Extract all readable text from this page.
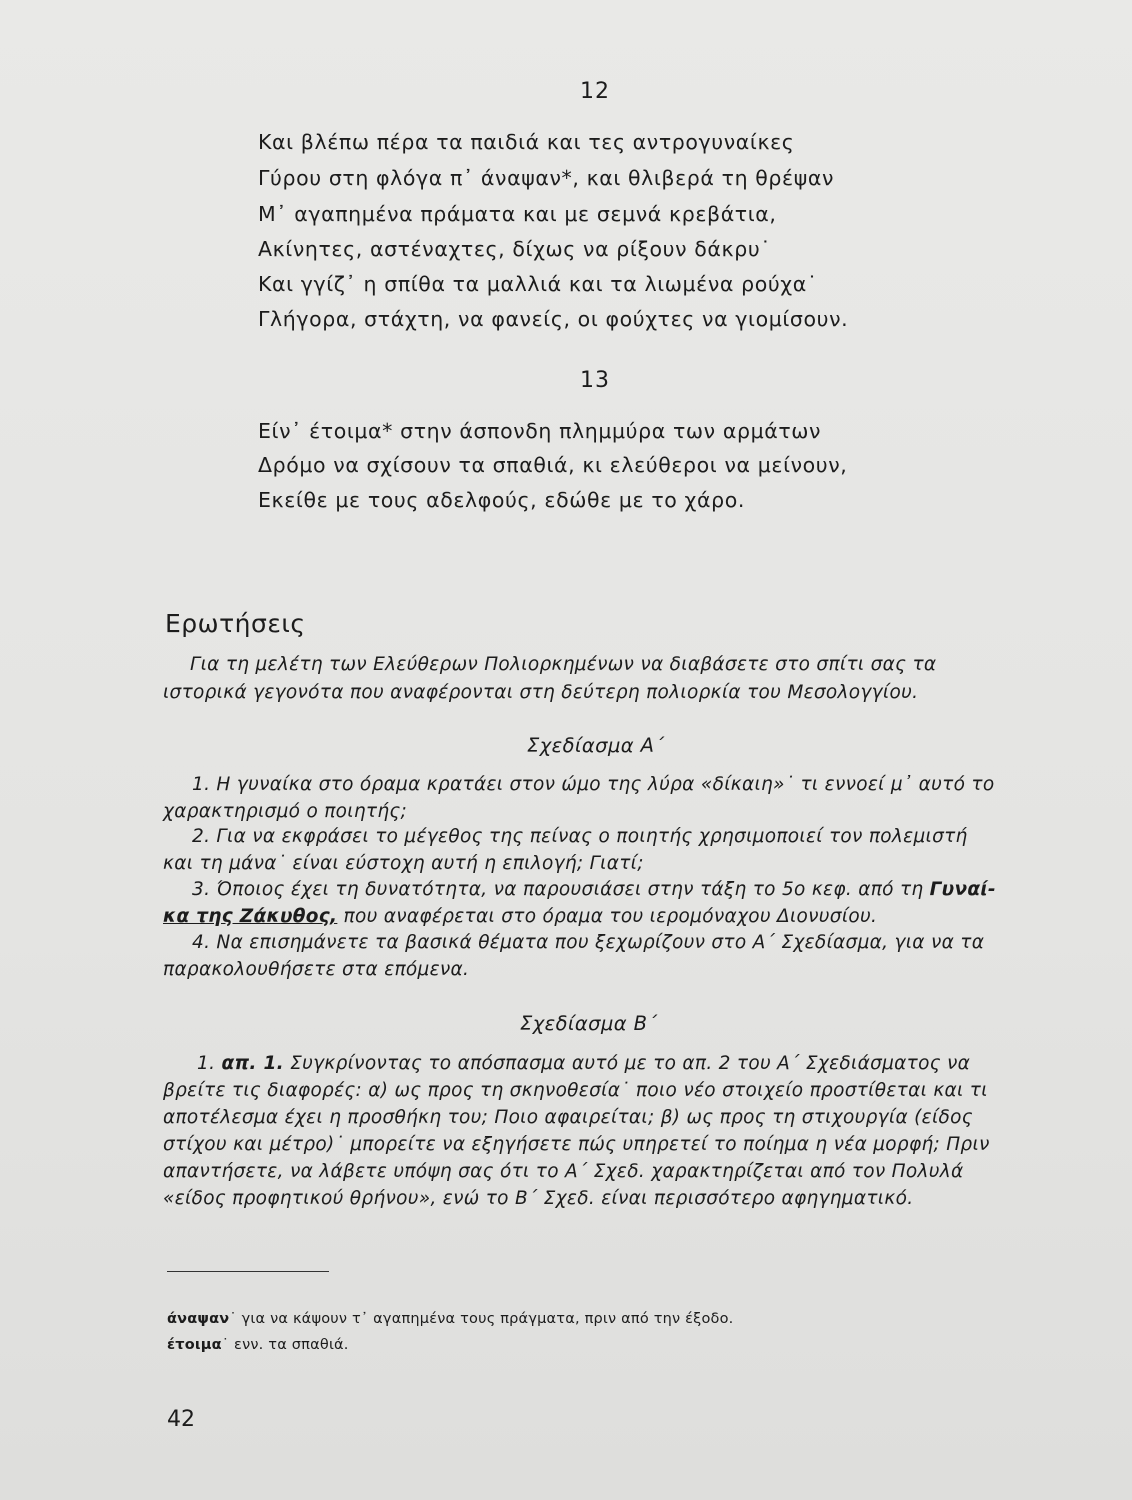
12
Και βλέπω πέρα τα παιδιά και τες αντρογυναίκες
Γύρου στη φλόγα π᾿ άναψαν*, και θλιβερά τη θρέψαν
Μ᾿ αγαπημένα πράματα και με σεμνά κρεβάτια,
Ακίνητες, αστέναχτες, δίχως να ρίξουν δάκρυ˙
Και γγίζ᾿ η σπίθα τα μαλλιά και τα λιωμένα ρούχα˙
Γλήγορα, στάχτη, να φανείς, οι φούχτες να γιομίσουν.
13
Είν᾿ έτοιμα* στην άσπονδη πλημμύρα των αρμάτων
Δρόμο να σχίσουν τα σπαθιά, κι ελεύθεροι να μείνουν,
Εκείθε με τους αδελφούς, εδώθε με το χάρο.
Ερωτήσεις
Για τη μελέτη των Ελεύθερων Πολιορκημένων να διαβάσετε στο σπίτι σας τα
ιστορικά γεγονότα που αναφέρονται στη δεύτερη πολιορκία του Μεσολογγίου.
Σχεδίασμα Α΄
1. Η γυναίκα στο όραμα κρατάει στον ώμο της λύρα «δίκαιη»˙ τι εννοεί μ᾿ αυτό το
χαρακτηρισμό ο ποιητής;
2. Για να εκφράσει το μέγεθος της πείνας ο ποιητής χρησιμοποιεί τον πολεμιστή
και τη μάνα˙ είναι εύστοχη αυτή η επιλογή; Γιατί;
3. Όποιος έχει τη δυνατότητα, να παρουσιάσει στην τάξη το 5ο κεφ. από τη Γυναί-
κα της Ζάκυθος, που αναφέρεται στο όραμα του ιερομόναχου Διονυσίου.
4. Να επισημάνετε τα βασικά θέματα που ξεχωρίζουν στο Α΄ Σχεδίασμα, για να τα
παρακολουθήσετε στα επόμενα.
Σχεδίασμα Β΄
1. απ. 1. Συγκρίνοντας το απόσπασμα αυτό με το απ. 2 του Α΄ Σχεδιάσματος να
βρείτε τις διαφορές: α) ως προς τη σκηνοθεσία˙ ποιο νέο στοιχείο προστίθεται και τι
αποτέλεσμα έχει η προσθήκη του; Ποιο αφαιρείται; β) ως προς τη στιχουργία (είδος
στίχου και μέτρο)˙ μπορείτε να εξηγήσετε πώς υπηρετεί το ποίημα η νέα μορφή; Πριν
απαντήσετε, να λάβετε υπόψη σας ότι το Α΄ Σχεδ. χαρακτηρίζεται από τον Πολυλά
«είδος προφητικού θρήνου», ενώ το Β΄ Σχεδ. είναι περισσότερο αφηγηματικό.
άναψαν˙ για να κάψουν τ᾿ αγαπημένα τους πράγματα, πριν από την έξοδο.
έτοιμα˙ ενν. τα σπαθιά.
42
